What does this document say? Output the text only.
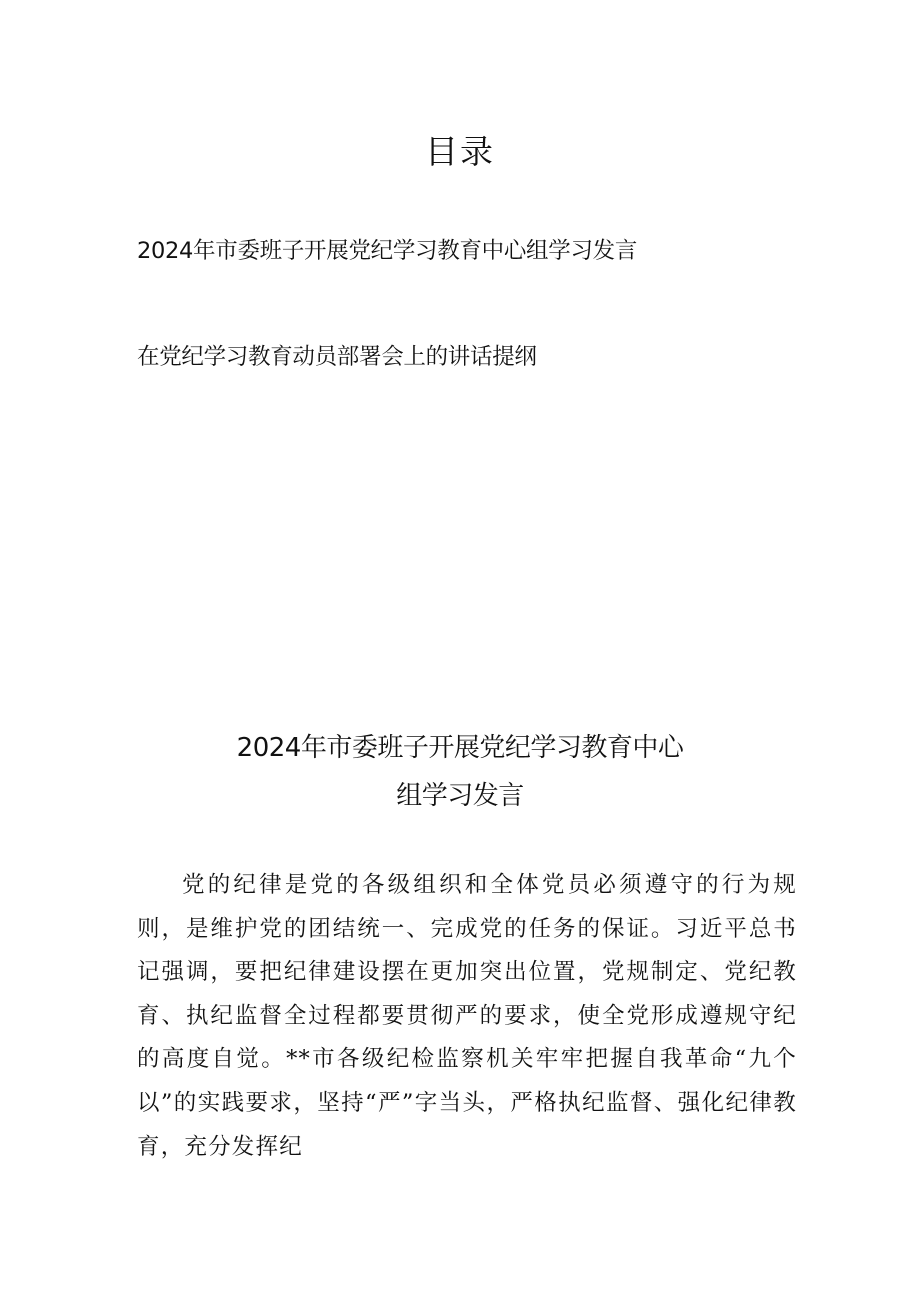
目录
2024年市委班子开展党纪学习教育中心组学习发言
在党纪学习教育动员部署会上的讲话提纲
2024年市委班子开展党纪学习教育中心
组学习发言

党的纪律是党的各级组织和全体党员必须遵守的行为规则，是维护党的团结统一、完成党的任务的保证。习近平总书记强调，要把纪律建设摆在更加突出位置，党规制定、党纪教育、执纪监督全过程都要贯彻严的要求，使全党形成遵规守纪的高度自觉。**市各级纪检监察机关牢牢把握自我革命“九个以”的实践要求，坚持“严”字当头，严格执纪监督、强化纪律教育，充分发挥纪
